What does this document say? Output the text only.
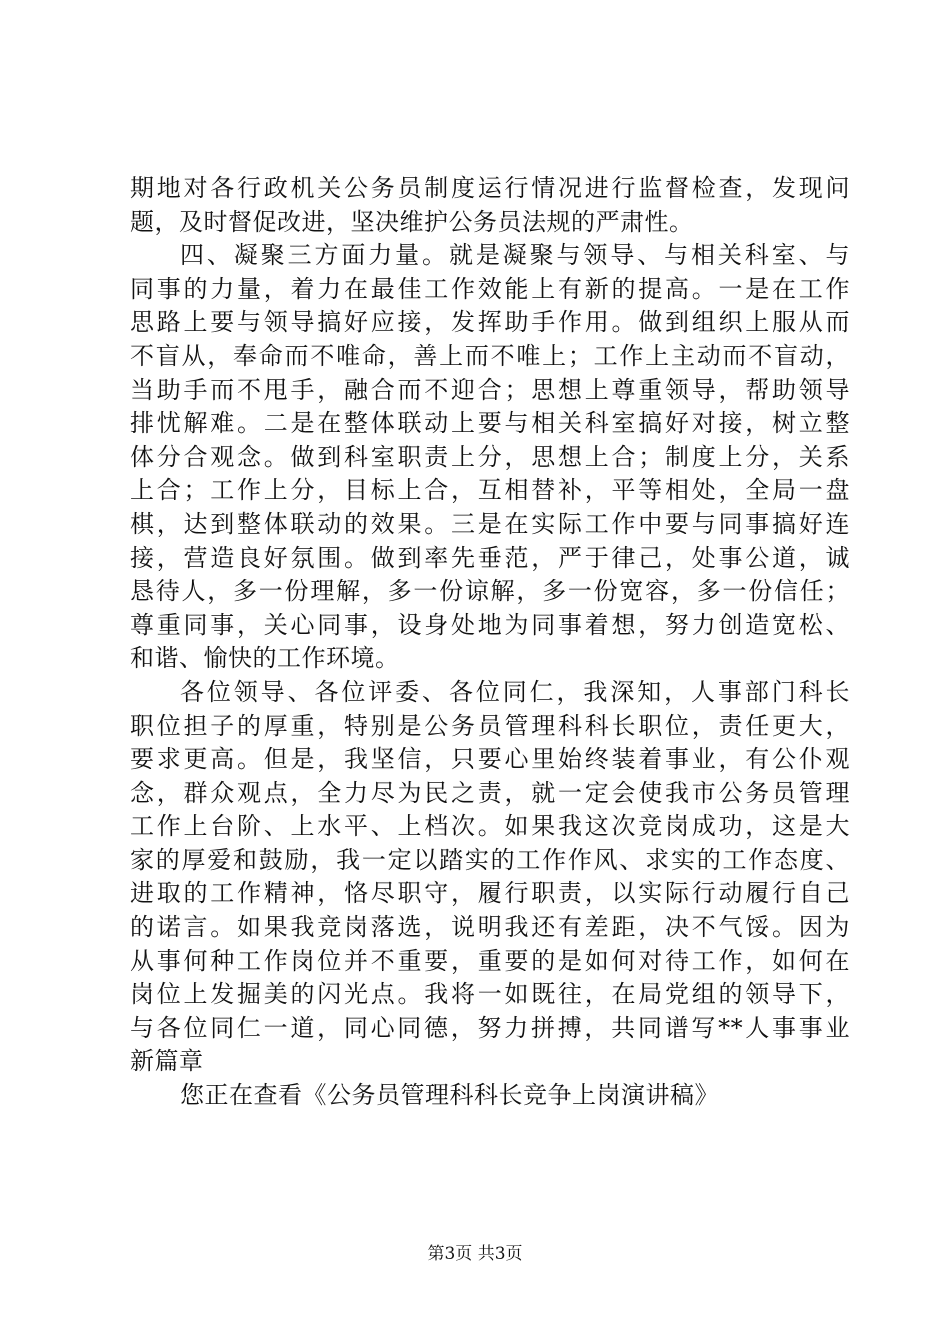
期地对各行政机关公务员制度运行情况进行监督检查，发现问
题，及时督促改进，坚决维护公务员法规的严肃性。
四、凝聚三方面力量。就是凝聚与领导、与相关科室、与
同事的力量，着力在最佳工作效能上有新的提高。一是在工作
思路上要与领导搞好应接，发挥助手作用。做到组织上服从而
不盲从，奉命而不唯命，善上而不唯上；工作上主动而不盲动，
当助手而不甩手，融合而不迎合；思想上尊重领导，帮助领导
排忧解难。二是在整体联动上要与相关科室搞好对接，树立整
体分合观念。做到科室职责上分，思想上合；制度上分，关系
上合；工作上分，目标上合，互相替补，平等相处，全局一盘
棋，达到整体联动的效果。三是在实际工作中要与同事搞好连
接，营造良好氛围。做到率先垂范，严于律己，处事公道，诚
恳待人，多一份理解，多一份谅解，多一份宽容，多一份信任；
尊重同事，关心同事，设身处地为同事着想，努力创造宽松、
和谐、愉快的工作环境。
各位领导、各位评委、各位同仁，我深知，人事部门科长
职位担子的厚重，特别是公务员管理科科长职位，责任更大，
要求更高。但是，我坚信，只要心里始终装着事业，有公仆观
念，群众观点，全力尽为民之责，就一定会使我市公务员管理
工作上台阶、上水平、上档次。如果我这次竞岗成功，这是大
家的厚爱和鼓励，我一定以踏实的工作作风、求实的工作态度、
进取的工作精神，恪尽职守，履行职责，以实际行动履行自己
的诺言。如果我竞岗落选，说明我还有差距，决不气馁。因为
从事何种工作岗位并不重要，重要的是如何对待工作，如何在
岗位上发掘美的闪光点。我将一如既往，在局党组的领导下，
与各位同仁一道，同心同德，努力拼搏，共同谱写**人事事业
新篇章
您正在查看《公务员管理科科长竞争上岗演讲稿》
第3页 共3页
